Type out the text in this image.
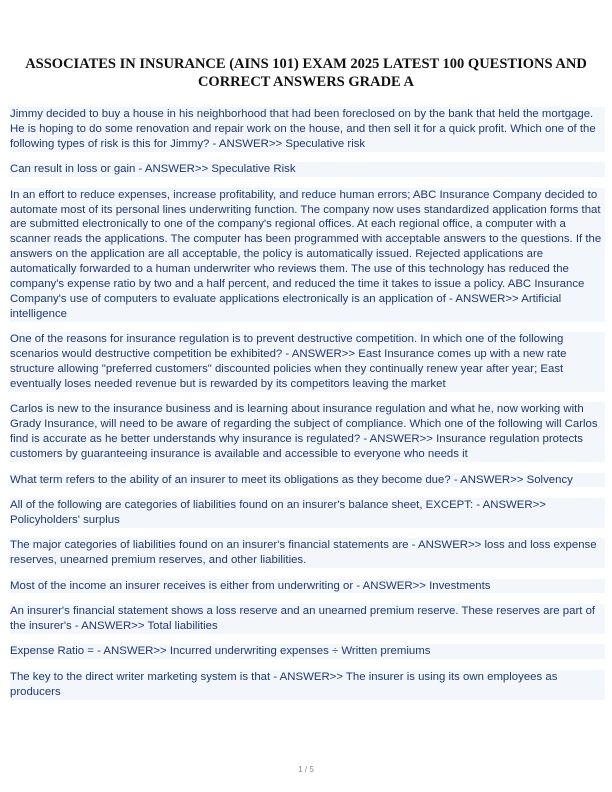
ASSOCIATES IN INSURANCE (AINS 101) EXAM 2025 LATEST 100 QUESTIONS AND
CORRECT ANSWERS GRADE A

Jimmy decided to buy a house in his neighborhood that had been foreclosed on by the bank that held the mortgage. He is hoping to do some renovation and repair work on the house, and then sell it for a quick profit. Which one of the following types of risk is this for Jimmy? - ANSWER>> Speculative risk

Can result in loss or gain - ANSWER>> Speculative Risk

In an effort to reduce expenses, increase profitability, and reduce human errors; ABC Insurance Company decided to automate most of its personal lines underwriting function. The company now uses standardized application forms that are submitted electronically to one of the company's regional offices. At each regional office, a computer with a scanner reads the applications. The computer has been programmed with acceptable answers to the questions. If the answers on the application are all acceptable, the policy is automatically issued. Rejected applications are automatically forwarded to a human underwriter who reviews them. The use of this technology has reduced the company's expense ratio by two and a half percent, and reduced the time it takes to issue a policy. ABC Insurance Company's use of computers to evaluate applications electronically is an application of - ANSWER>> Artificial intelligence

One of the reasons for insurance regulation is to prevent destructive competition. In which one of the following scenarios would destructive competition be exhibited? - ANSWER>> East Insurance comes up with a new rate structure allowing "preferred customers" discounted policies when they continually renew year after year; East eventually loses needed revenue but is rewarded by its competitors leaving the market

Carlos is new to the insurance business and is learning about insurance regulation and what he, now working with Grady Insurance, will need to be aware of regarding the subject of compliance. Which one of the following will Carlos find is accurate as he better understands why insurance is regulated? - ANSWER>> Insurance regulation protects customers by guaranteeing insurance is available and accessible to everyone who needs it

What term refers to the ability of an insurer to meet its obligations as they become due? - ANSWER>> Solvency

All of the following are categories of liabilities found on an insurer's balance sheet, EXCEPT: - ANSWER>> Policyholders' surplus

The major categories of liabilities found on an insurer's financial statements are - ANSWER>> loss and loss expense reserves, unearned premium reserves, and other liabilities.

Most of the income an insurer receives is either from underwriting or - ANSWER>> Investments

An insurer's financial statement shows a loss reserve and an unearned premium reserve. These reserves are part of the insurer's - ANSWER>> Total liabilities

Expense Ratio = - ANSWER>> Incurred underwriting expenses ÷ Written premiums

The key to the direct writer marketing system is that - ANSWER>> The insurer is using its own employees as producers

1 / 5
